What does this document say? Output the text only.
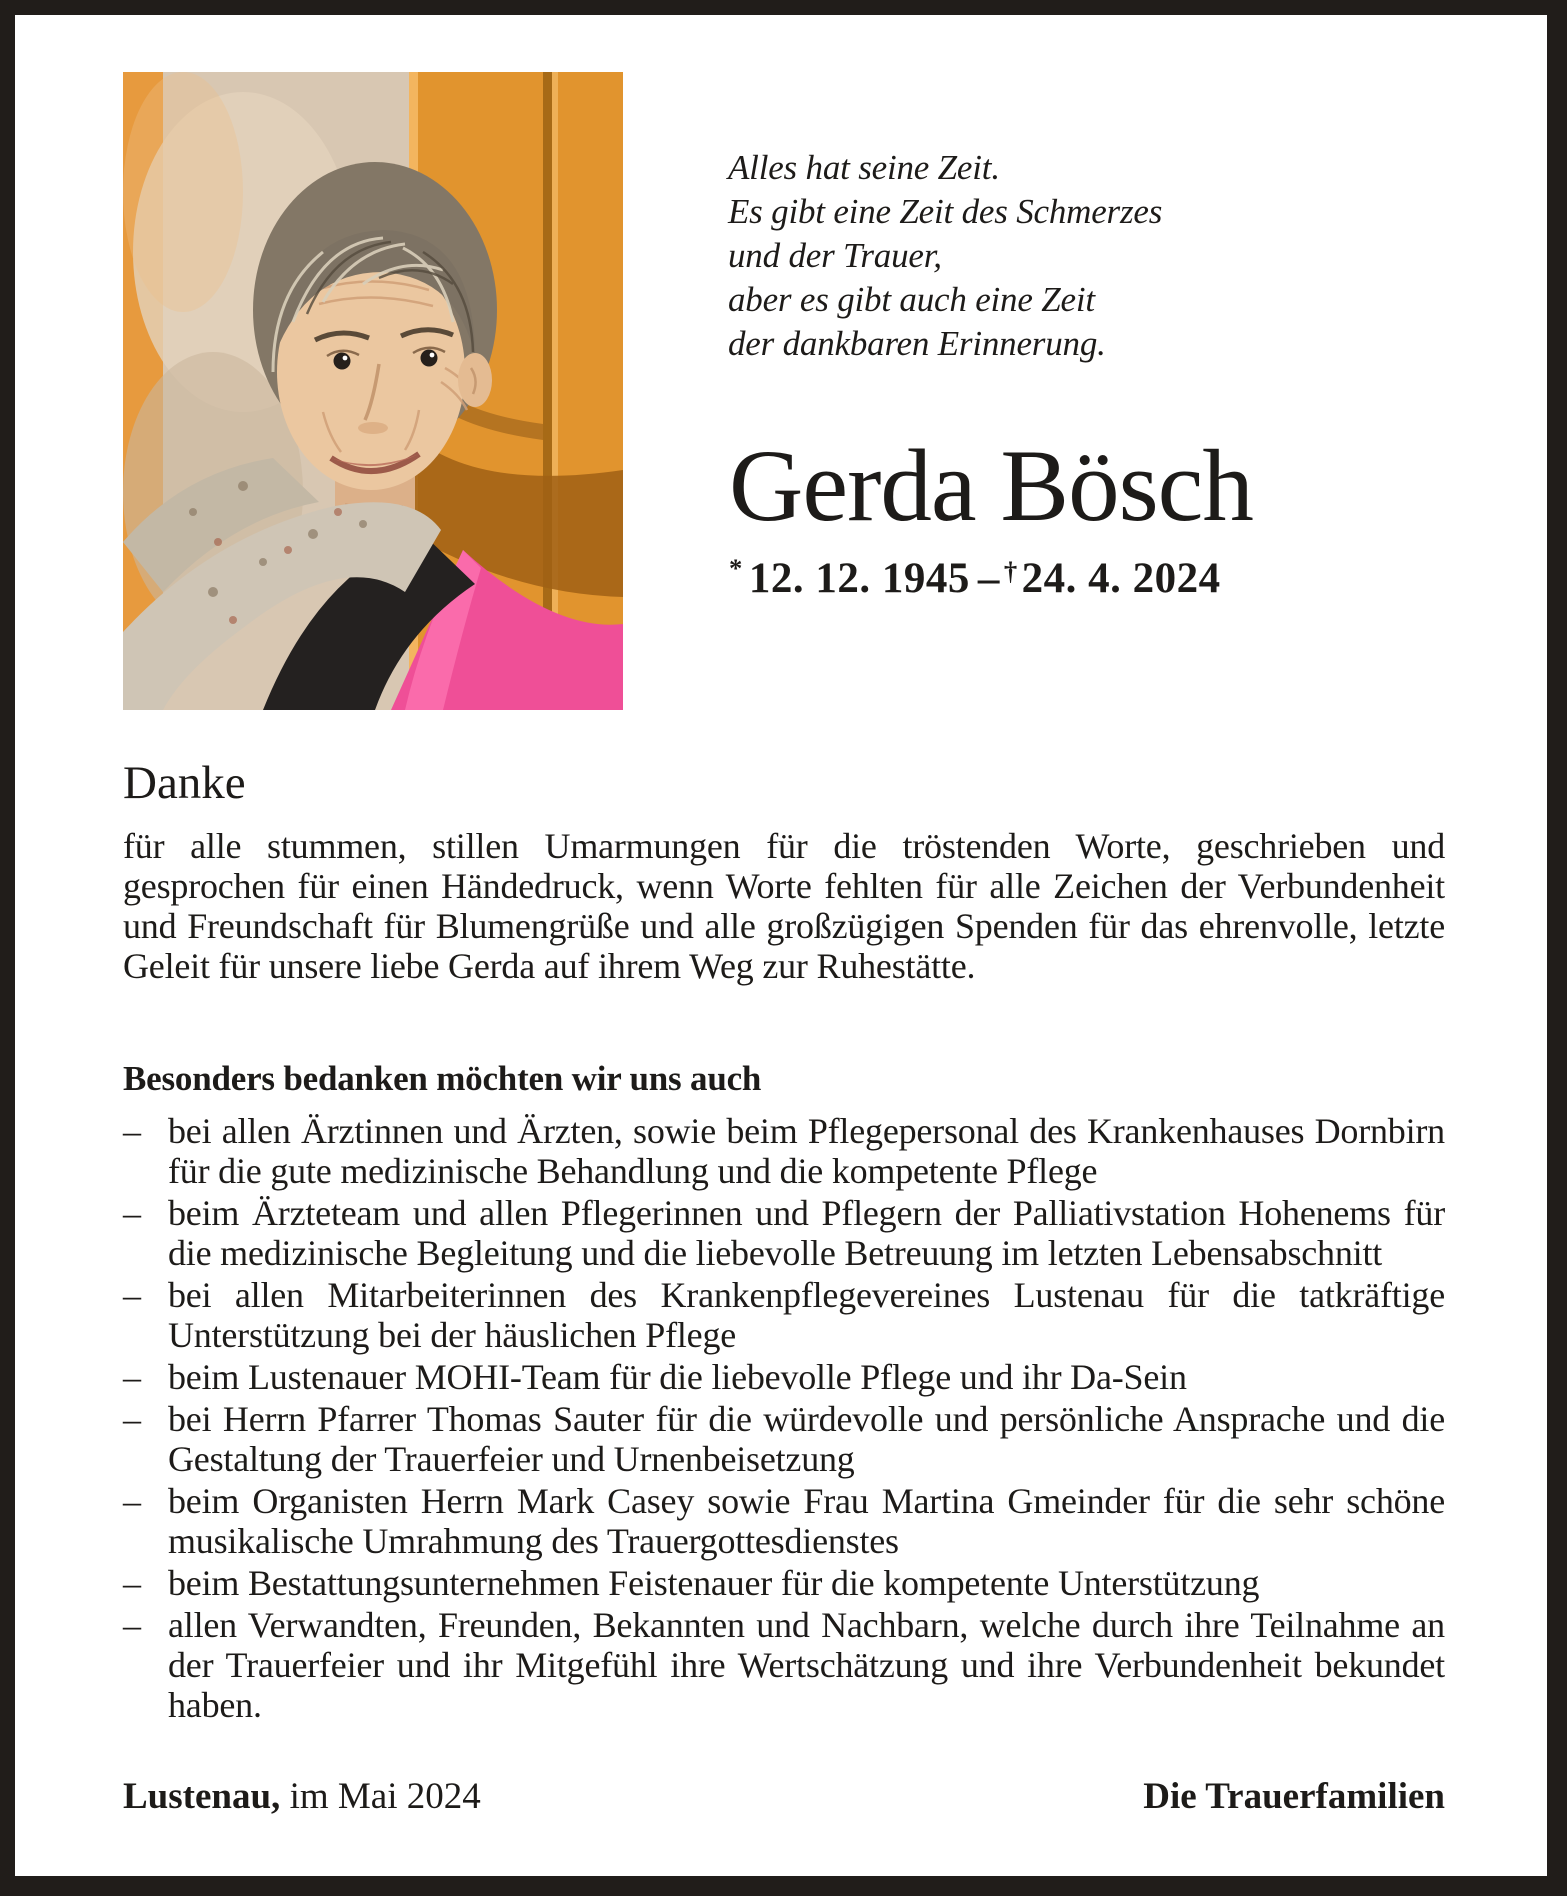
Alles hat seine Zeit.
Es gibt eine Zeit des Schmerzes
und der Trauer,
aber es gibt auch eine Zeit
der dankbaren Erinnerung.
Gerda Bösch
* 12. 12. 1945 – †24. 4. 2024
Danke

für alle stummen, stillen Umarmungen für die tröstenden Worte, geschrieben und gesprochen für einen Händedruck, wenn Worte fehlten für alle Zeichen der Verbundenheit und Freundschaft für Blumengrüße und alle großzügigen Spenden für das ehrenvolle, letzte Geleit für unsere liebe Gerda auf ihrem Weg zur Ruhestätte.

Besonders bedanken möchten wir uns auch
– bei allen Ärztinnen und Ärzten, sowie beim Pflegepersonal des Krankenhauses Dornbirn für die gute medizinische Behandlung und die kompetente Pflege
– beim Ärzteteam und allen Pflegerinnen und Pflegern der Palliativstation Hohenems für die medizinische Begleitung und die liebevolle Betreuung im letzten Lebensabschnitt
– bei allen Mitarbeiterinnen des Krankenpflegevereines Lustenau für die tatkräftige Unterstützung bei der häuslichen Pflege
– beim Lustenauer MOHI-Team für die liebevolle Pflege und ihr Da-Sein
– bei Herrn Pfarrer Thomas Sauter für die würdevolle und persönliche Ansprache und die Gestaltung der Trauerfeier und Urnenbeisetzung
– beim Organisten Herrn Mark Casey sowie Frau Martina Gmeinder für die sehr schöne musikalische Umrahmung des Trauergottesdienstes
– beim Bestattungsunternehmen Feistenauer für die kompetente Unterstützung
– allen Verwandten, Freunden, Bekannten und Nachbarn, welche durch ihre Teilnahme an der Trauerfeier und ihr Mitgefühl ihre Wertschätzung und ihre Verbundenheit bekundet haben.
Lustenau, im Mai 2024	Die Trauerfamilien
